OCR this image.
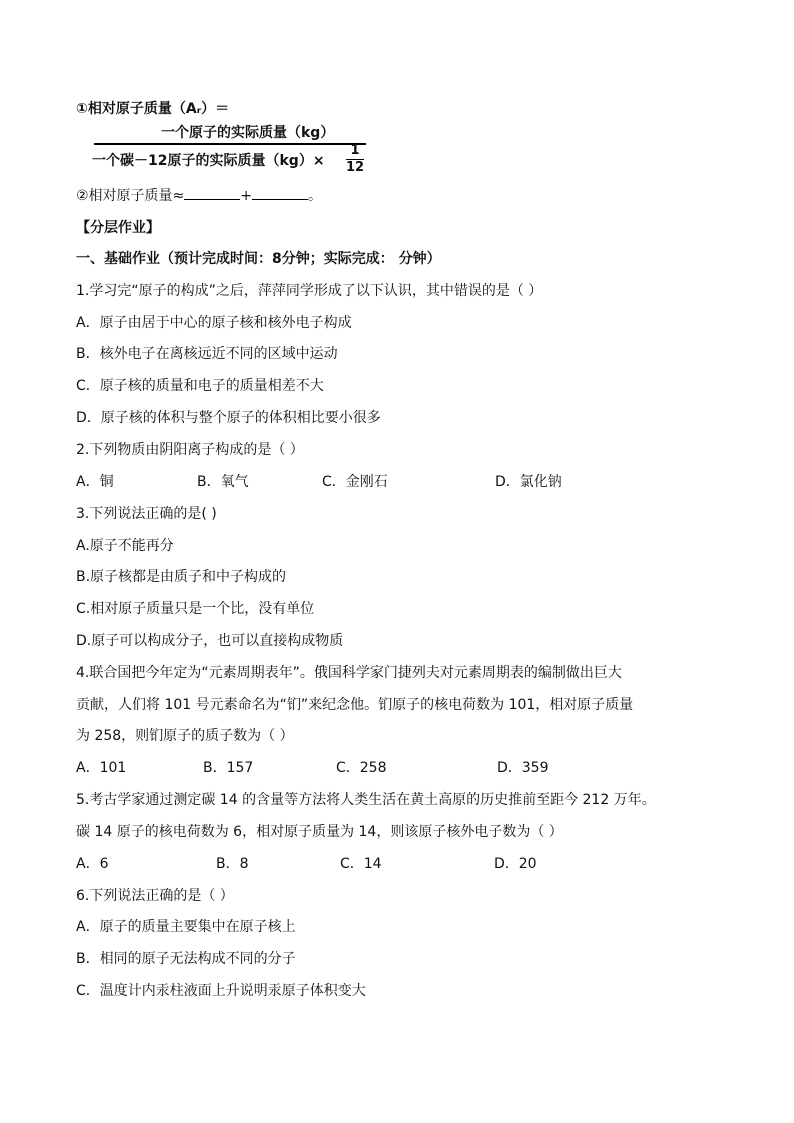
①相对原子质量（Aᵣ）＝
一个原子的实际质量（kg）
一个碳－12原子的实际质量（kg）×
1
12
②相对原子质量≈	+	。
【分层作业】
一、基础作业（预计完成时间：8分钟；实际完成： 分钟）
1.学习完“原子的构成”之后，萍萍同学形成了以下认识，其中错误的是（ ）
A．原子由居于中心的原子核和核外电子构成
B．核外电子在离核远近不同的区域中运动
C．原子核的质量和电子的质量相差不大
D．原子核的体积与整个原子的体积相比要小很多
2.下列物质由阴阳离子构成的是（ ）
A．铜	B．氧气	C．金刚石	D．氯化钠
3.下列说法正确的是( )
A.原子不能再分
B.原子核都是由质子和中子构成的
C.相对原子质量只是一个比，没有单位
D.原子可以构成分子，也可以直接构成物质
4.联合国把今年定为“元素周期表年”。俄国科学家门捷列夫对元素周期表的编制做出巨大
贡献，人们将 101 号元素命名为“钔”来纪念他。钔原子的核电荷数为 101，相对原子质量
为 258，则钔原子的质子数为（ ）
A．101	B．157	C．258	D．359
5.考古学家通过测定碳 14 的含量等方法将人类生活在黄土高原的历史推前至距今 212 万年。
碳 14 原子的核电荷数为 6，相对原子质量为 14，则该原子核外电子数为（ ）
A．6	B．8	C．14	D．20
6.下列说法正确的是（ ）
A．原子的质量主要集中在原子核上
B．相同的原子无法构成不同的分子
C．温度计内汞柱液面上升说明汞原子体积变大
